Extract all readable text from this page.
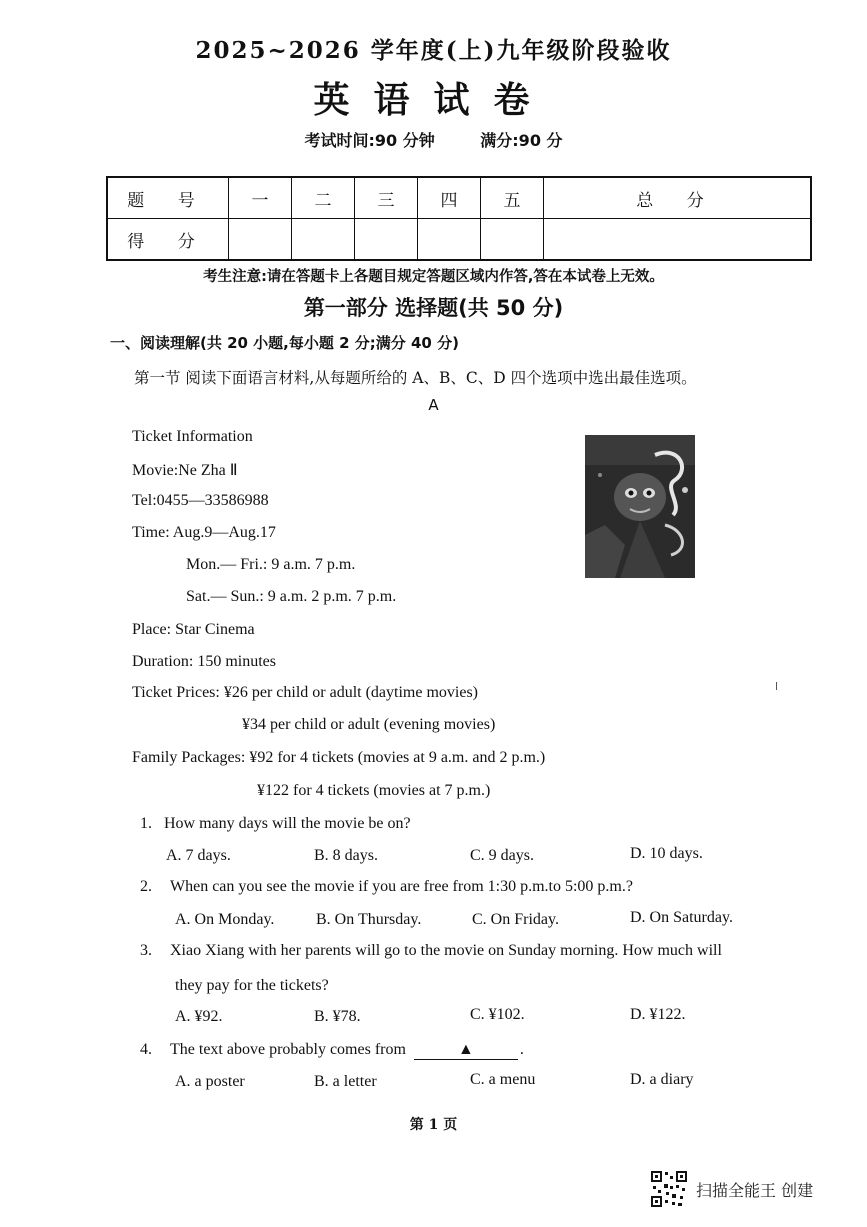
2025~2026 学年度(上)九年级阶段验收
英语试卷
考试时间:90 分钟	满分:90 分
题 号	一	二	三	四	五	总 分
得 分						
考生注意:请在答题卡上各题目规定答题区域内作答,答在本试卷上无效。
第一部分 选择题(共 50 分)
一、阅读理解(共 20 小题,每小题 2 分;满分 40 分)
第一节 阅读下面语言材料,从每题所给的 A、B、C、D 四个选项中选出最佳选项。
A
Ticket Information
Movie:Ne Zha Ⅱ
Tel:0455—33586988
Time: Aug.9—Aug.17
Mon.— Fri.: 9 a.m. 7 p.m.
Sat.— Sun.: 9 a.m. 2 p.m. 7 p.m.
Place: Star Cinema
Duration: 150 minutes
Ticket Prices: ¥26 per child or adult (daytime movies)
¥34 per child or adult (evening movies)
Family Packages: ¥92 for 4 tickets (movies at 9 a.m. and 2 p.m.)
¥122 for 4 tickets (movies at 7 p.m.)
1. How many days will the movie be on?
A. 7 days.	B. 8 days.	C. 9 days.	D. 10 days.
2. When can you see the movie if you are free from 1:30 p.m.to 5:00 p.m.?
A. On Monday.	B. On Thursday.	C. On Friday.	D. On Saturday.
3. Xiao Xiang with her parents will go to the movie on Sunday morning. How much will
they pay for the tickets?
A. ¥92.	B. ¥78.	C. ¥102.	D. ¥122.
4. The text above probably comes from	▲	.
A. a poster	B. a letter	C. a menu	D. a diary
第 1 页
扫描全能王 创建
